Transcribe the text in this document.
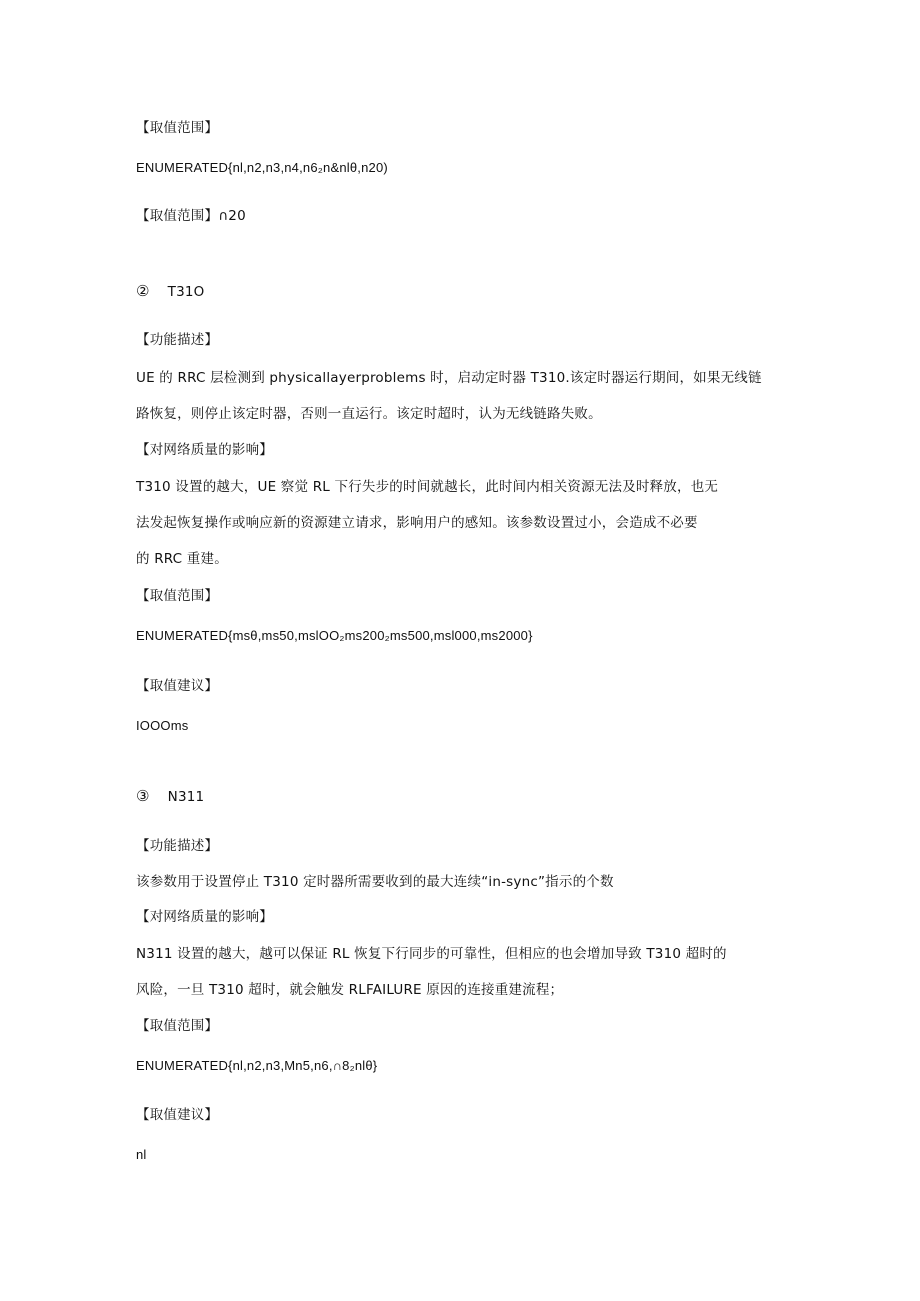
【取值范围】
ENUMERATED{nl,n2,n3,n4,n6₂n&nlθ,n20)
【取值范围】∩20
② T31O
【功能描述】
UE 的 RRC 层检测到 physicallayerproblems 时，启动定时器 T310.该定时器运行期间，如果无线链
路恢复，则停止该定时器，否则一直运行。该定时超时，认为无线链路失败。
【对网络质量的影响】
T310 设置的越大，UE 察觉 RL 下行失步的时间就越长，此时间内相关资源无法及时释放，也无
法发起恢复操作或响应新的资源建立请求，影响用户的感知。该参数设置过小，会造成不必要
的 RRC 重建。
【取值范围】
ENUMERATED{msθ,ms50,mslOO₂ms200₂ms500,msl000,ms2000}
【取值建议】
IOOOms
③ N311
【功能描述】
该参数用于设置停止 T310 定时器所需要收到的最大连续“in-sync”指示的个数
【对网络质量的影响】
N311 设置的越大，越可以保证 RL 恢复下行同步的可靠性，但相应的也会增加导致 T310 超时的
风险，一旦 T310 超时，就会触发 RLFAILURE 原因的连接重建流程；
【取值范围】
ENUMERATED{nl,n2,n3,Mn5,n6,∩8₂nlθ}
【取值建议】
nl
